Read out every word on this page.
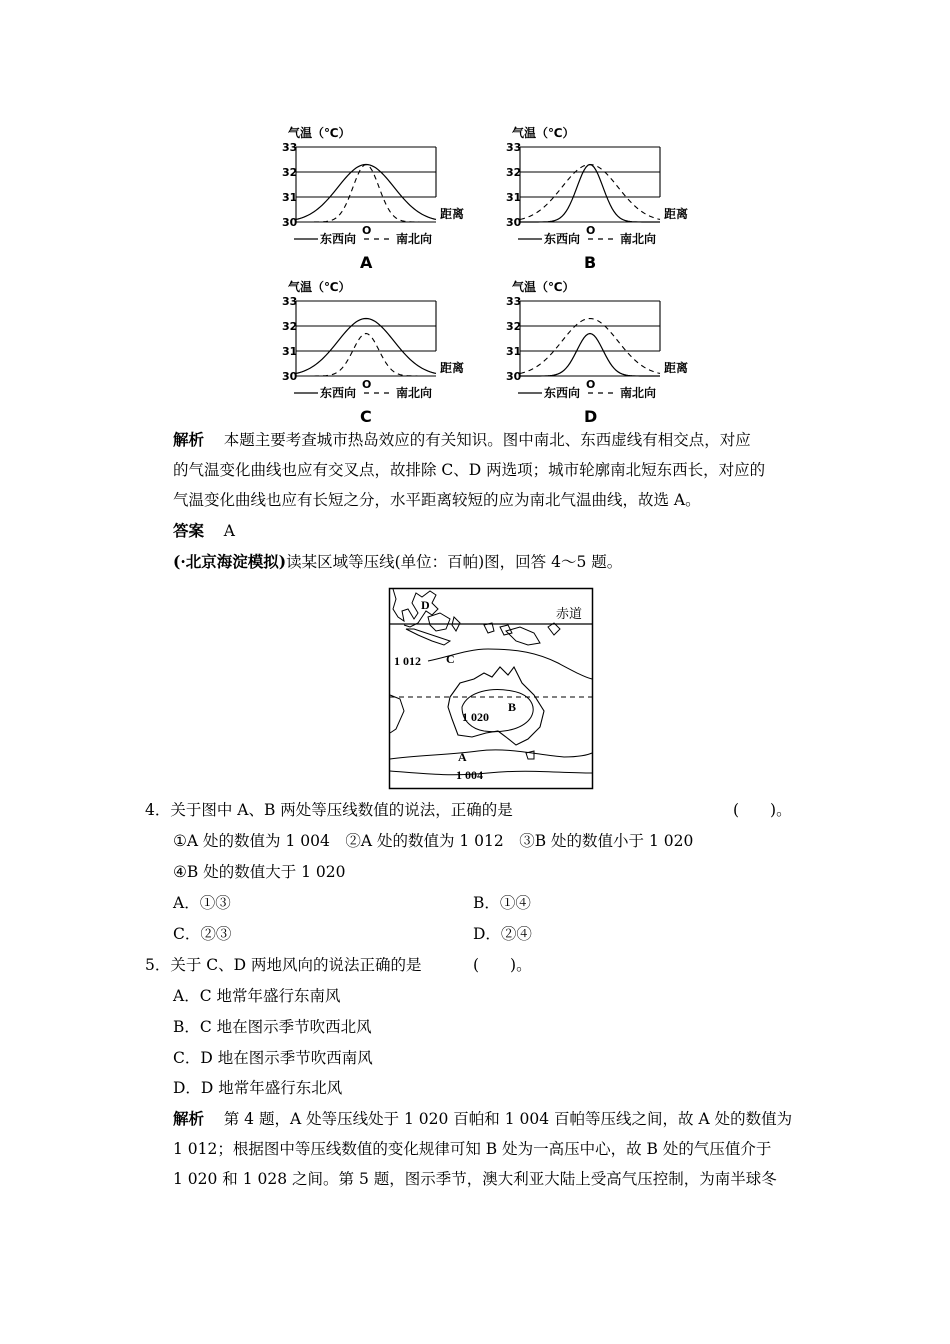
气温（℃）
33
32
31
30
距离
O
东西向	南北向
A
气温（℃）
33
32
31
30
距离
O
东西向	南北向
B
气温（℃）
33
32
31
30
距离
O
东西向	南北向
C
气温（℃）
33
32
31
30
距离
O
东西向	南北向
D
解析 本题主要考查城市热岛效应的有关知识。图中南北、东西虚线有相交点，对应
的气温变化曲线也应有交叉点，故排除 C、D 两选项；城市轮廓南北短东西长，对应的
气温变化曲线也应有长短之分，水平距离较短的应为南北气温曲线，故选 A。
答案 A
(·北京海淀模拟)读某区域等压线(单位：百帕)图，回答 4～5 题。
赤道
D
C
B
A
1 012
1 020
1 004
4．关于图中 A、B 两处等压线数值的说法，正确的是	(　　)。
①A 处的数值为 1 004　②A 处的数值为 1 012　③B 处的数值小于 1 020
④B 处的数值大于 1 020
A．①③	B．①④
C．②③	D．②④
5．关于 C、D 两地风向的说法正确的是	(　　)。
A．C 地常年盛行东南风
B．C 地在图示季节吹西北风
C．D 地在图示季节吹西南风
D．D 地常年盛行东北风
解析 第 4 题，A 处等压线处于 1 020 百帕和 1 004 百帕等压线之间，故 A 处的数值为
1 012；根据图中等压线数值的变化规律可知 B 处为一高压中心，故 B 处的气压值介于
1 020 和 1 028 之间。第 5 题，图示季节，澳大利亚大陆上受高气压控制，为南半球冬
